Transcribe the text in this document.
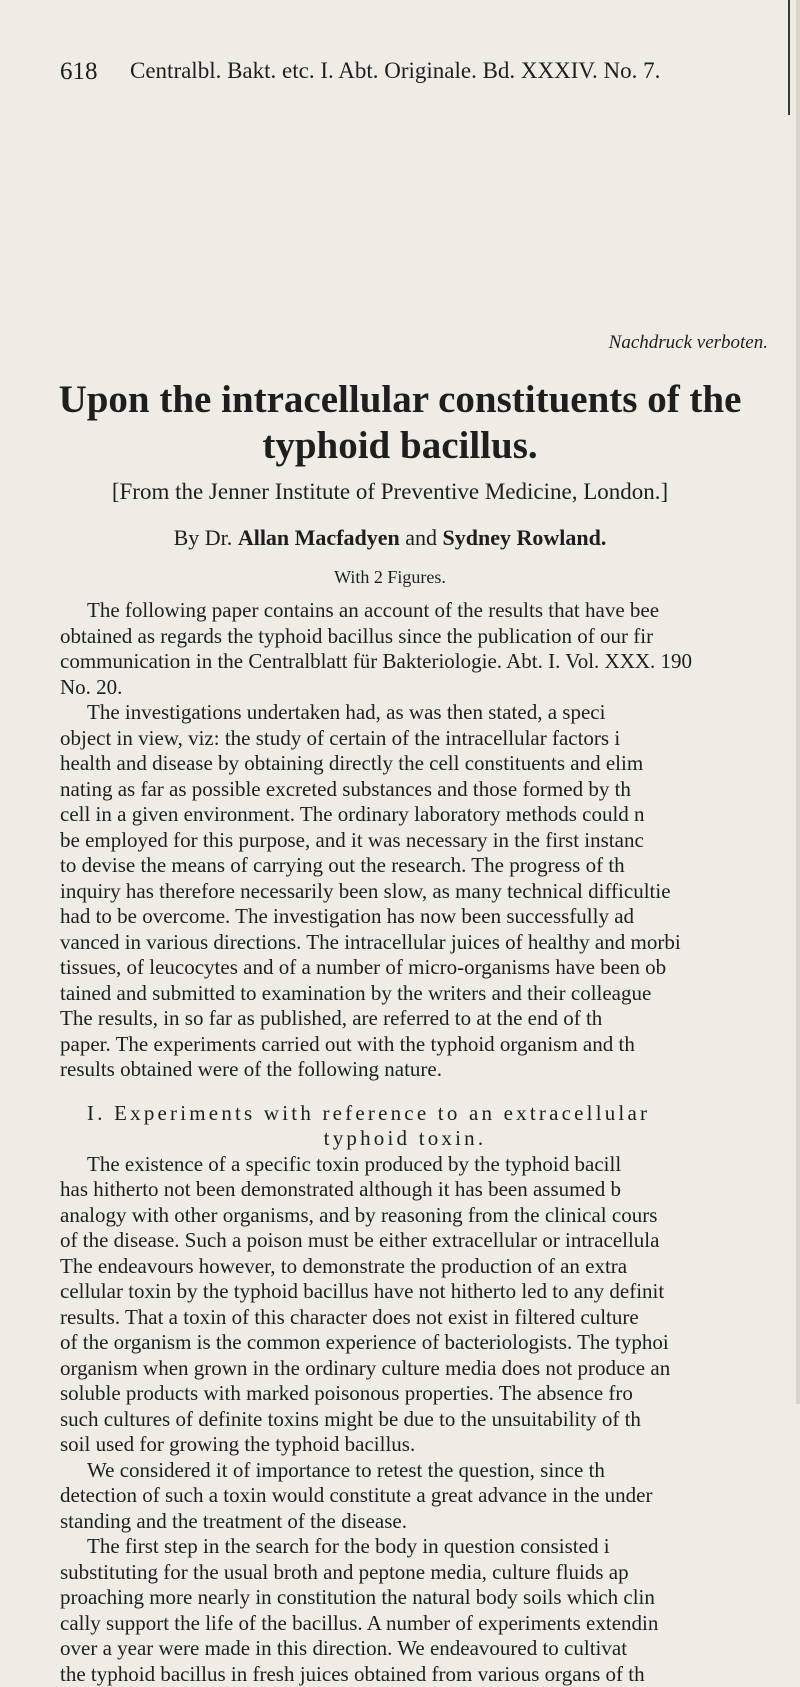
618 Centralbl. Bakt. etc. I. Abt. Originale. Bd. XXXIV. No. 7.
Nachdruck verboten.
Upon the intracellular constituents of the
typhoid bacillus.
[From the Jenner Institute of Preventive Medicine, London.]
By Dr. Allan Macfadyen and Sydney Rowland.
With 2 Figures.
The following paper contains an account of the results that have bee
obtained as regards the typhoid bacillus since the publication of our fir
communication in the Centralblatt für Bakteriologie. Abt. I. Vol. XXX. 190
No. 20.
The investigations undertaken had, as was then stated, a speci
object in view, viz: the study of certain of the intracellular factors i
health and disease by obtaining directly the cell constituents and elim
nating as far as possible excreted substances and those formed by th
cell in a given environment. The ordinary laboratory methods could n
be employed for this purpose, and it was necessary in the first instanc
to devise the means of carrying out the research. The progress of th
inquiry has therefore necessarily been slow, as many technical difficultie
had to be overcome. The investigation has now been successfully ad
vanced in various directions. The intracellular juices of healthy and morbi
tissues, of leucocytes and of a number of micro-organisms have been ob
tained and submitted to examination by the writers and their colleague
The results, in so far as published, are referred to at the end of th
paper. The experiments carried out with the typhoid organism and th
results obtained were of the following nature.
I. Experiments with reference to an extracellular
typhoid toxin.
The existence of a specific toxin produced by the typhoid bacill
has hitherto not been demonstrated although it has been assumed b
analogy with other organisms, and by reasoning from the clinical cours
of the disease. Such a poison must be either extracellular or intracellula
The endeavours however, to demonstrate the production of an extra
cellular toxin by the typhoid bacillus have not hitherto led to any definit
results. That a toxin of this character does not exist in filtered culture
of the organism is the common experience of bacteriologists. The typhoi
organism when grown in the ordinary culture media does not produce an
soluble products with marked poisonous properties. The absence fro
such cultures of definite toxins might be due to the unsuitability of th
soil used for growing the typhoid bacillus.
We considered it of importance to retest the question, since th
detection of such a toxin would constitute a great advance in the under
standing and the treatment of the disease.
The first step in the search for the body in question consisted i
substituting for the usual broth and peptone media, culture fluids ap
proaching more nearly in constitution the natural body soils which clin
cally support the life of the bacillus. A number of experiments extendin
over a year were made in this direction. We endeavoured to cultivat
the typhoid bacillus in fresh juices obtained from various organs of th
